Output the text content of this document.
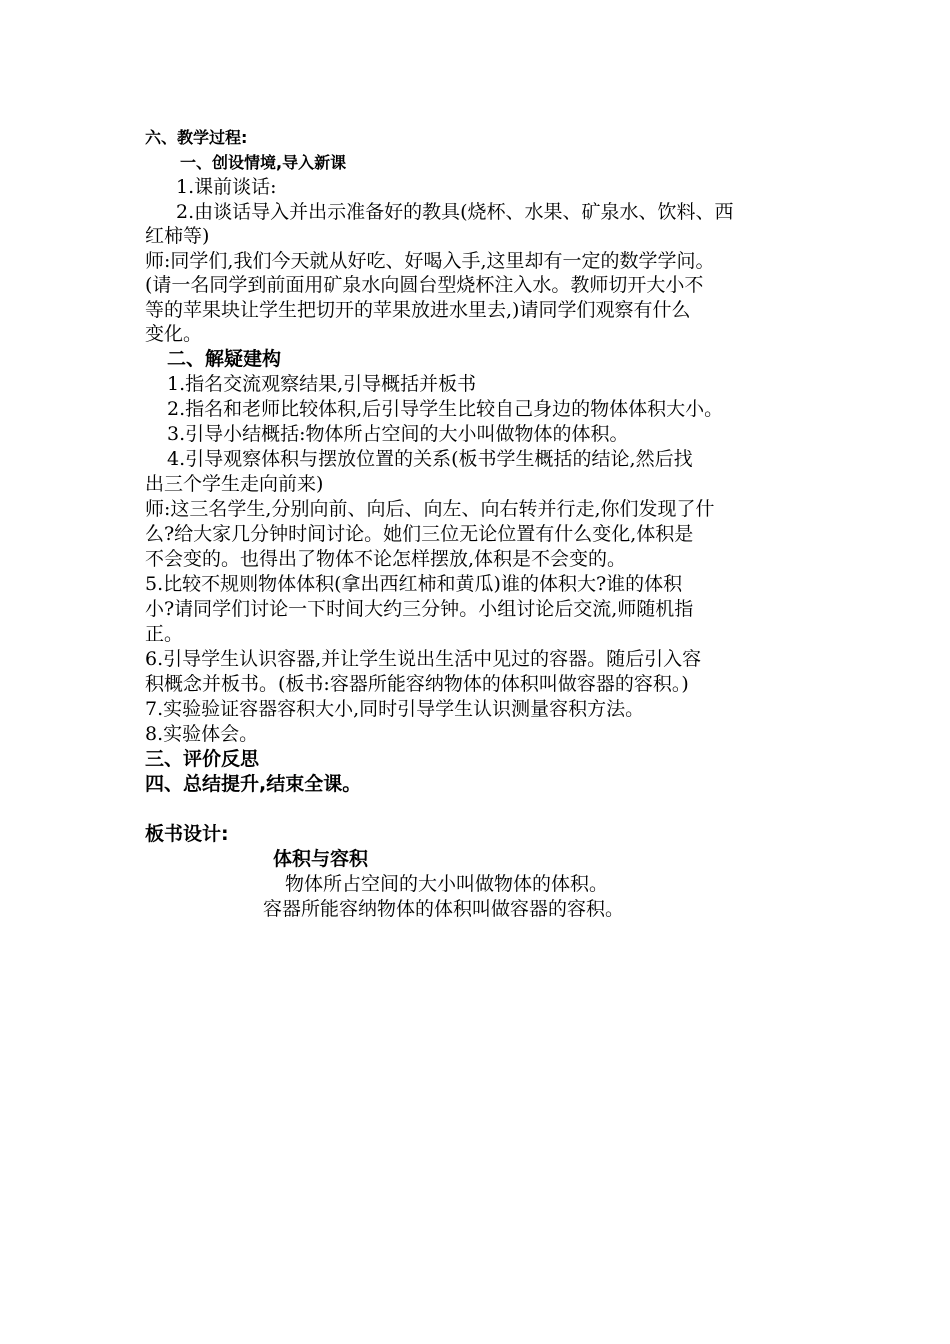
六、教学过程:
一、创设情境,导入新课
1.课前谈话:
2.由谈话导入并出示准备好的教具(烧杯、水果、矿泉水、饮料、西
红柿等)
师:同学们,我们今天就从好吃、好喝入手,这里却有一定的数学学问。
(请一名同学到前面用矿泉水向圆台型烧杯注入水。教师切开大小不
等的苹果块让学生把切开的苹果放进水里去,)请同学们观察有什么
变化。
二、解疑建构
1.指名交流观察结果,引导概括并板书
2.指名和老师比较体积,后引导学生比较自己身边的物体体积大小。
3.引导小结概括:物体所占空间的大小叫做物体的体积。
4.引导观察体积与摆放位置的关系(板书学生概括的结论,然后找
出三个学生走向前来)
师:这三名学生,分别向前、向后、向左、向右转并行走,你们发现了什
么?给大家几分钟时间讨论。她们三位无论位置有什么变化,体积是
不会变的。也得出了物体不论怎样摆放,体积是不会变的。
5.比较不规则物体体积(拿出西红柿和黄瓜)谁的体积大?谁的体积
小?请同学们讨论一下时间大约三分钟。小组讨论后交流,师随机指
正。
6.引导学生认识容器,并让学生说出生活中见过的容器。随后引入容
积概念并板书。(板书:容器所能容纳物体的体积叫做容器的容积。)
7.实验验证容器容积大小,同时引导学生认识测量容积方法。
8.实验体会。
三、评价反思
四、总结提升,结束全课。
板书设计:
体积与容积
物体所占空间的大小叫做物体的体积。
容器所能容纳物体的体积叫做容器的容积。
